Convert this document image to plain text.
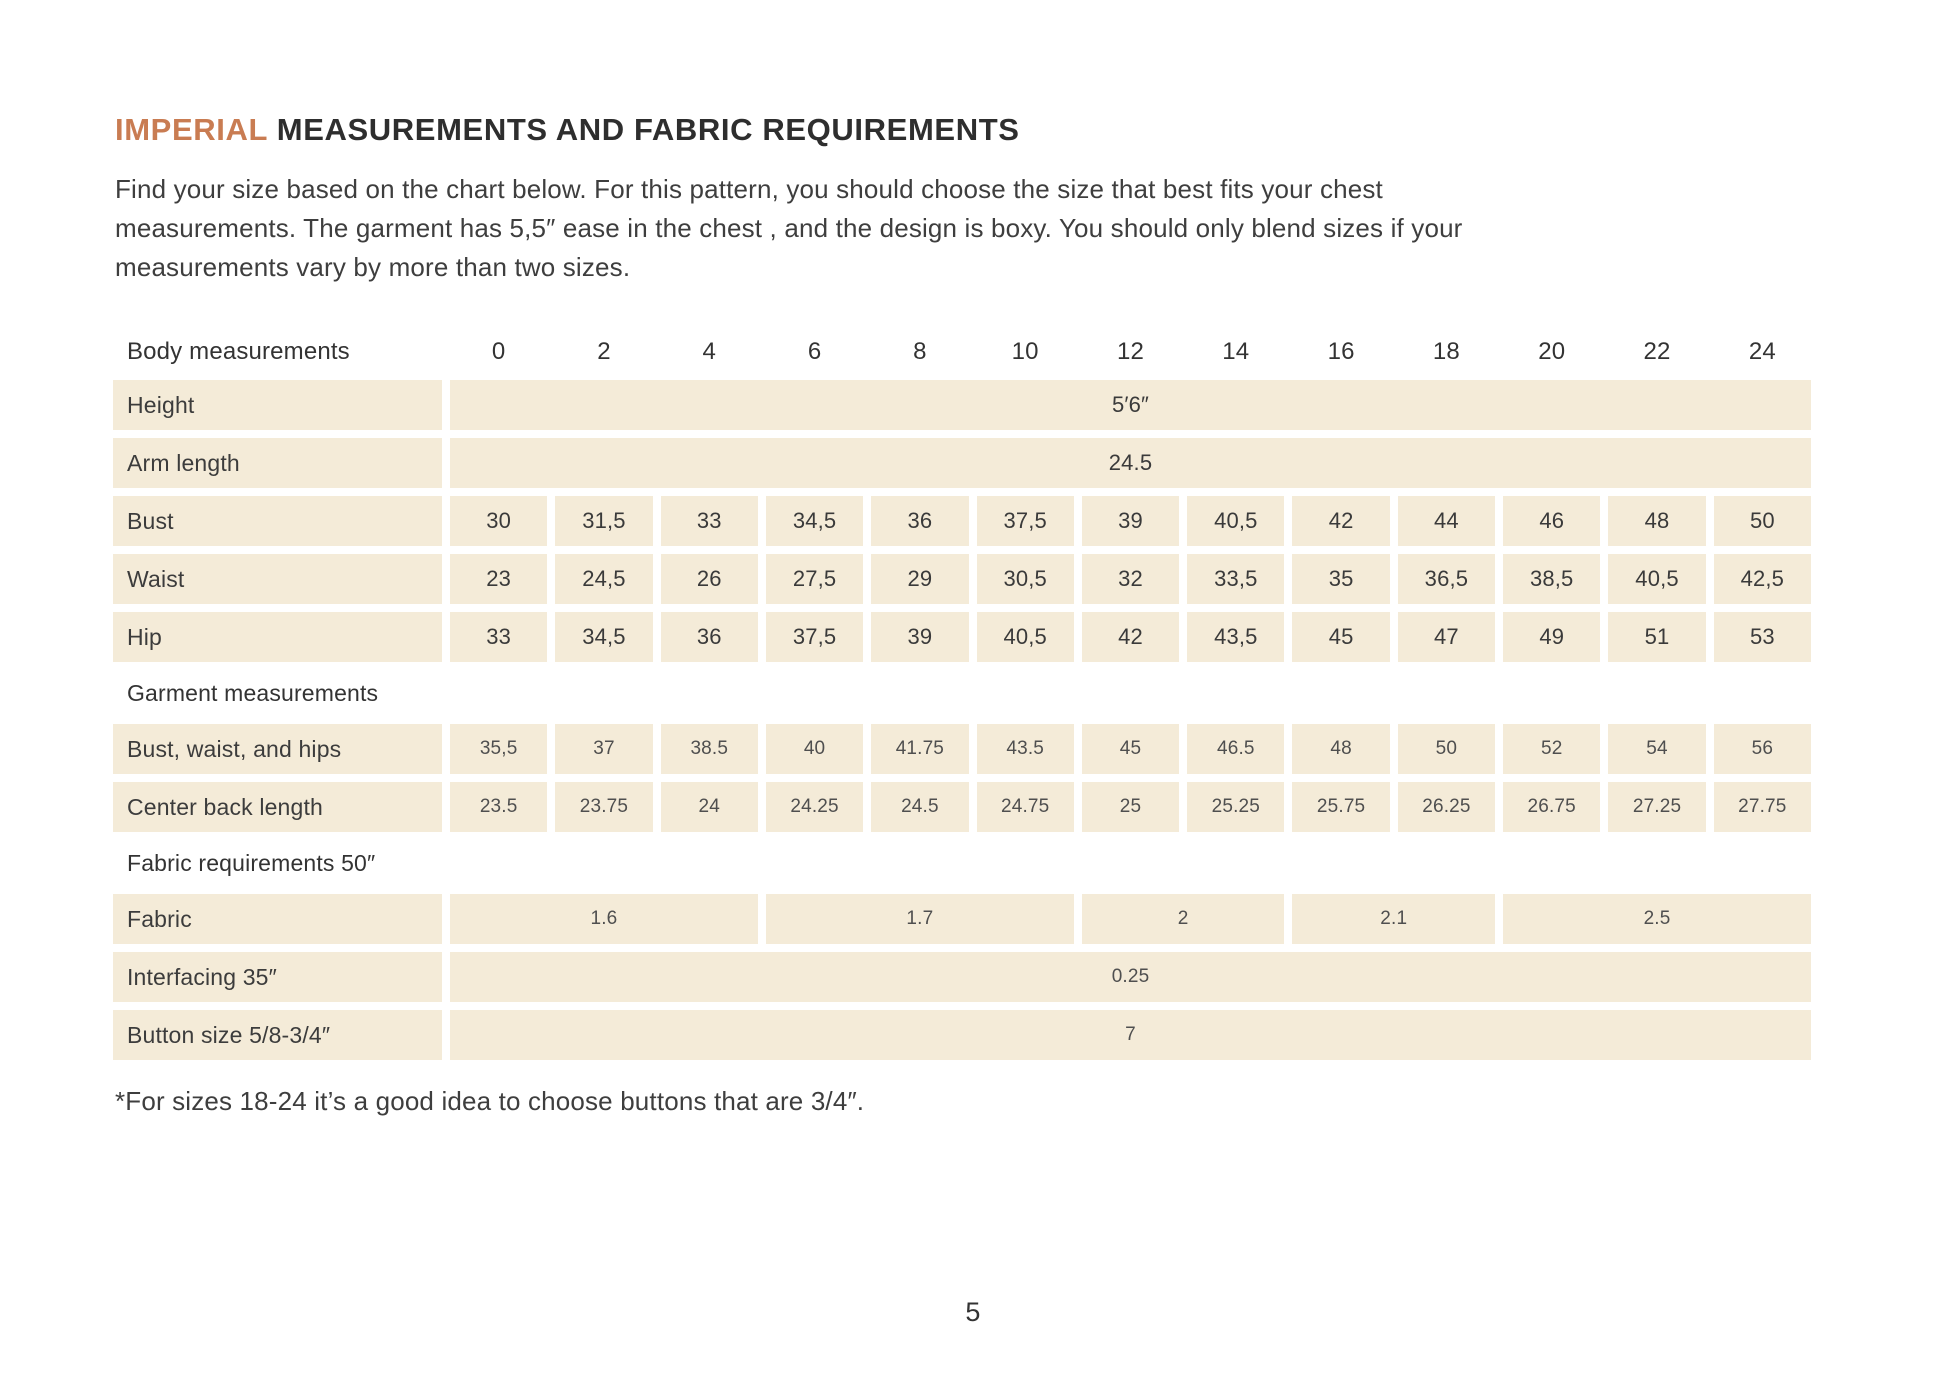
IMPERIAL MEASUREMENTS AND FABRIC REQUIREMENTS
Find your size based on the chart below. For this pattern, you should choose the size that best fits your chest
measurements. The garment has 5,5″ ease in the chest , and the design is boxy. You should only blend sizes if your
measurements vary by more than two sizes.
Body measurements	0	2	4	6	8	10	12	14	16	18	20	22	24
Height	5′6″
Arm length	24.5
Bust	30	31,5	33	34,5	36	37,5	39	40,5	42	44	46	48	50
Waist	23	24,5	26	27,5	29	30,5	32	33,5	35	36,5	38,5	40,5	42,5
Hip	33	34,5	36	37,5	39	40,5	42	43,5	45	47	49	51	53
Garment measurements
Bust, waist, and hips	35,5	37	38.5	40	41.75	43.5	45	46.5	48	50	52	54	56
Center back length	23.5	23.75	24	24.25	24.5	24.75	25	25.25	25.75	26.25	26.75	27.25	27.75
Fabric requirements 50″
Fabric	1.6	1.7	2	2.1	2.5
Interfacing 35″	0.25
Button size 5/8-3/4″	7
*For sizes 18-24 it’s a good idea to choose buttons that are 3/4″.
5
